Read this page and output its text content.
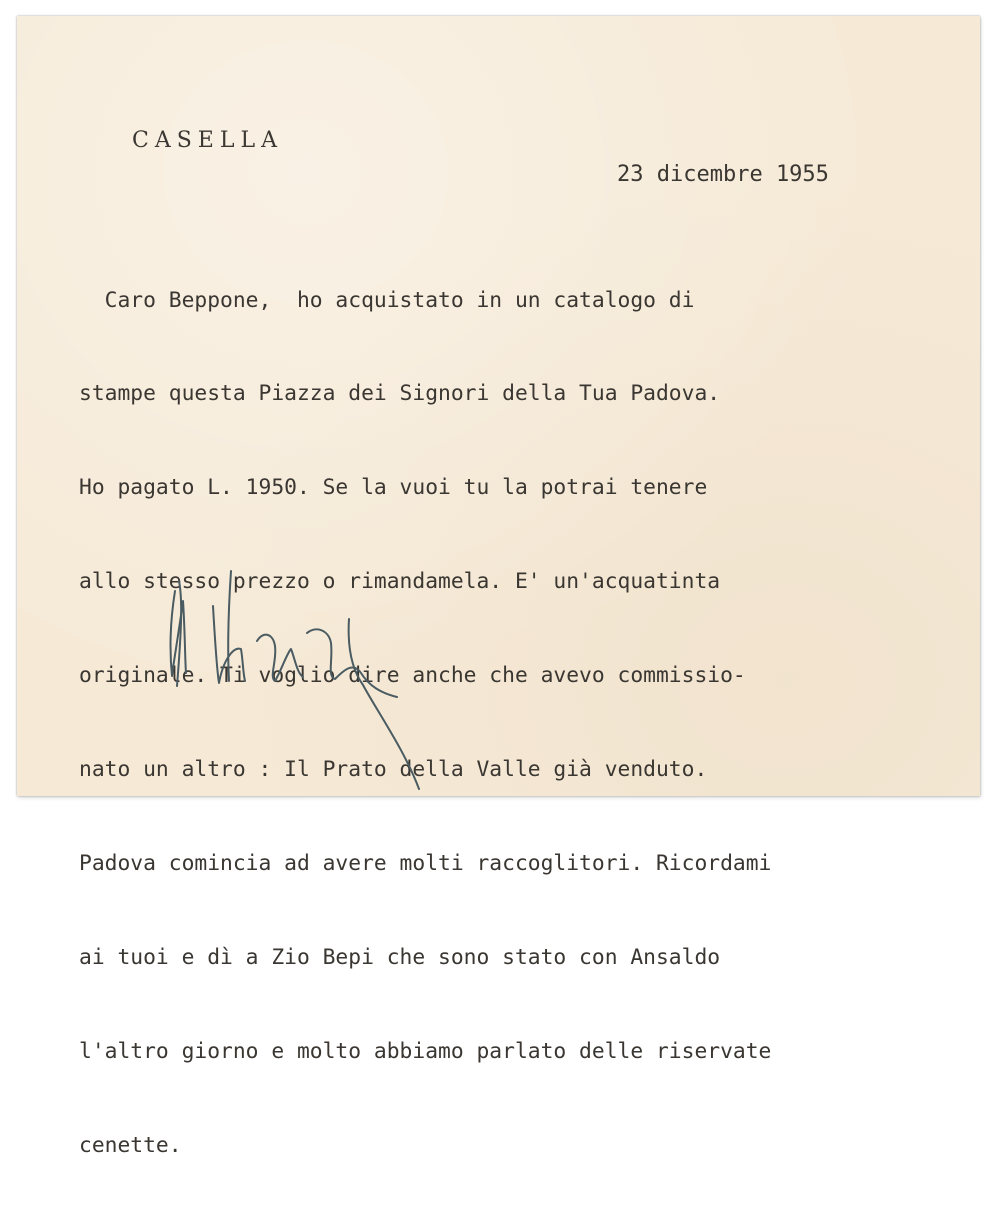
CASELLA
23 dicembre 1955

Caro Beppone,  ho acquistato in un catalogo di

stampe questa Piazza dei Signori della Tua Padova.

Ho pagato L. 1950. Se la vuoi tu la potrai tenere

allo stesso prezzo o rimandamela. E' un'acquatinta

originale. Ti voglio dire anche che avevo commissio-

nato un altro : Il Prato della Valle già venduto.

Padova comincia ad avere molti raccoglitori. Ricordami

ai tuoi e dì a Zio Bepi che sono stato con Ansaldo

l'altro giorno e molto abbiamo parlato delle riservate

cenette.
